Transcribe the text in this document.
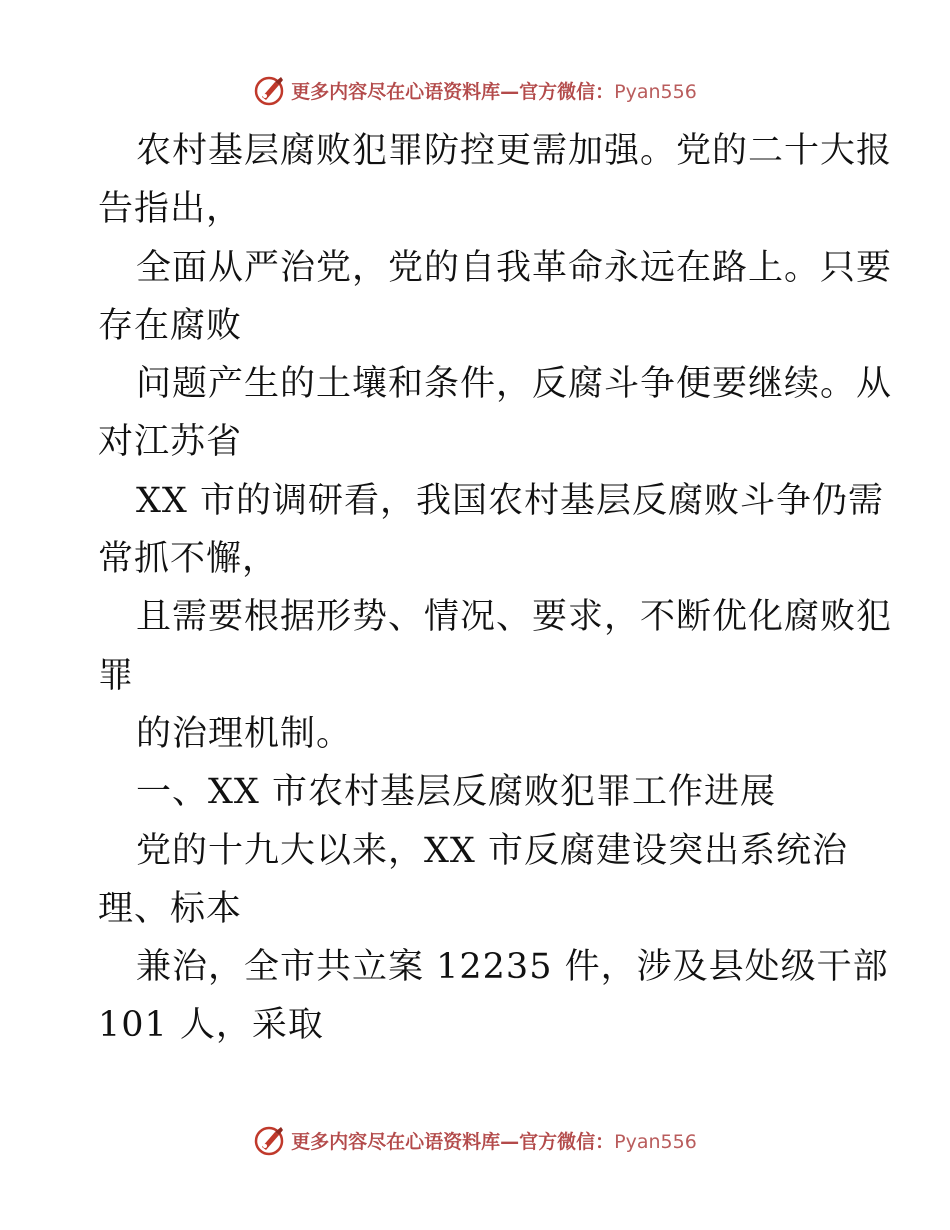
更多内容尽在心语资料库—官方微信：Pyan556
农村基层腐败犯罪防控更需加强。党的二十大报
告指出，
全面从严治党，党的自我革命永远在路上。只要
存在腐败
问题产生的土壤和条件，反腐斗争便要继续。从
对江苏省
XX 市的调研看，我国农村基层反腐败斗争仍需
常抓不懈，
且需要根据形势、情况、要求，不断优化腐败犯
罪
的治理机制。
一、XX 市农村基层反腐败犯罪工作进展
党的十九大以来，XX 市反腐建设突出系统治
理、标本
兼治，全市共立案 12235 件，涉及县处级干部
101 人，采取
更多内容尽在心语资料库—官方微信：Pyan556
